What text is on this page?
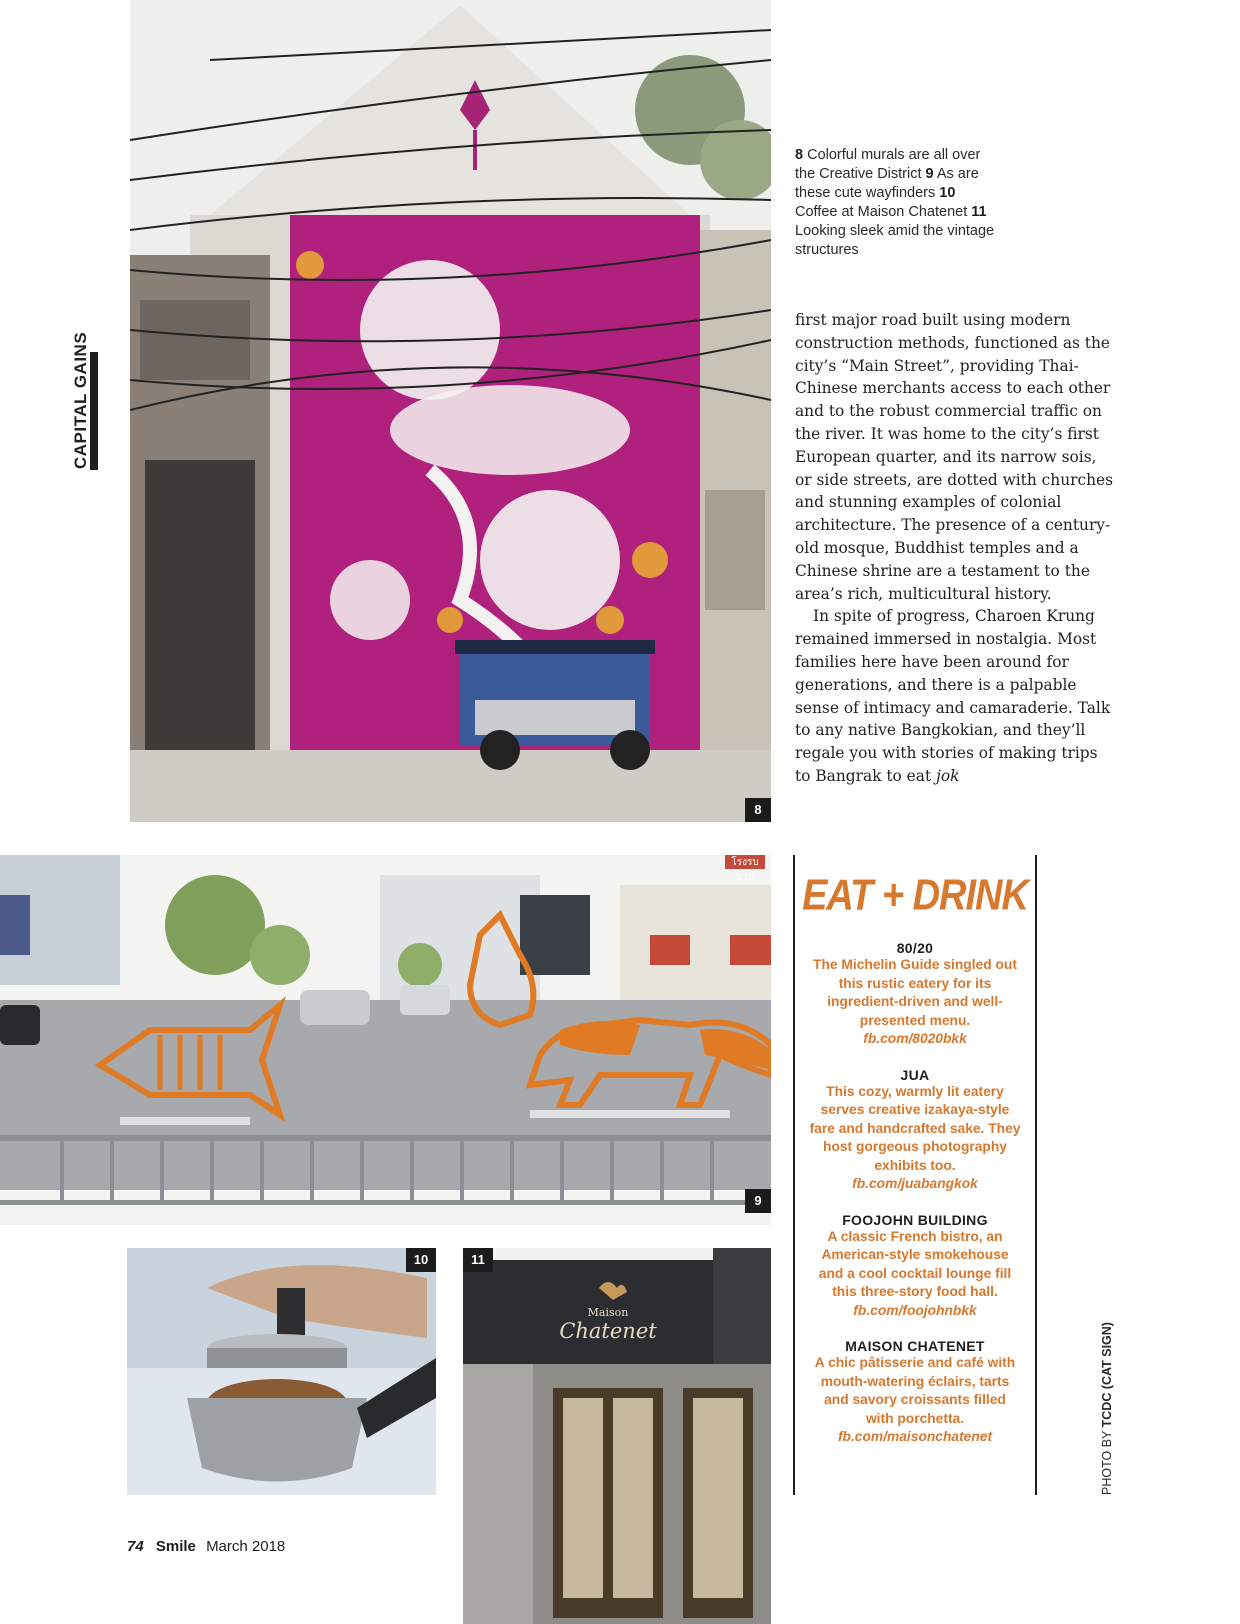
CAPITAL GAINS
8
8 Colorful murals are all over the Creative District 9 As are these cute wayfinders 10 Coffee at Maison Chatenet 11 Looking sleek amid the vintage structures

first major road built using modern construction methods, functioned as the city’s “Main Street”, providing Thai-Chinese merchants access to each other and to the robust commercial traffic on the river. It was home to the city’s first European quarter, and its narrow sois, or side streets, are dotted with churches and stunning examples of colonial architecture. The presence of a century-old mosque, Buddhist temples and a Chinese shrine are a testament to the area’s rich, multicultural history.

In spite of progress, Charoen Krung remained immersed in nostalgia. Most families here have been around for generations, and there is a palpable sense of intimacy and camaraderie. Talk to any native Bangkokian, and they’ll regale you with stories of making trips to Bangrak to eat jok

โรงรบอาป
9
10
Maison
Chatenet
11
EAT + DRINK
80/20
The Michelin Guide singled out this rustic eatery for its ingredient-driven and well-presented menu.
fb.com/8020bkk
JUA
This cozy, warmly lit eatery serves creative izakaya-style fare and handcrafted sake. They host gorgeous photography exhibits too.
fb.com/juabangkok
FOOJOHN BUILDING
A classic French bistro, an American-style smokehouse and a cool cocktail lounge fill this three-story food hall.
fb.com/foojohnbkk
MAISON CHATENET
A chic pâtisserie and café with mouth-watering éclairs, tarts and savory croissants filled with porchetta.
fb.com/maisonchatenet	PHOTO BY TCDC (CAT SIGN)
74 Smile March 2018
